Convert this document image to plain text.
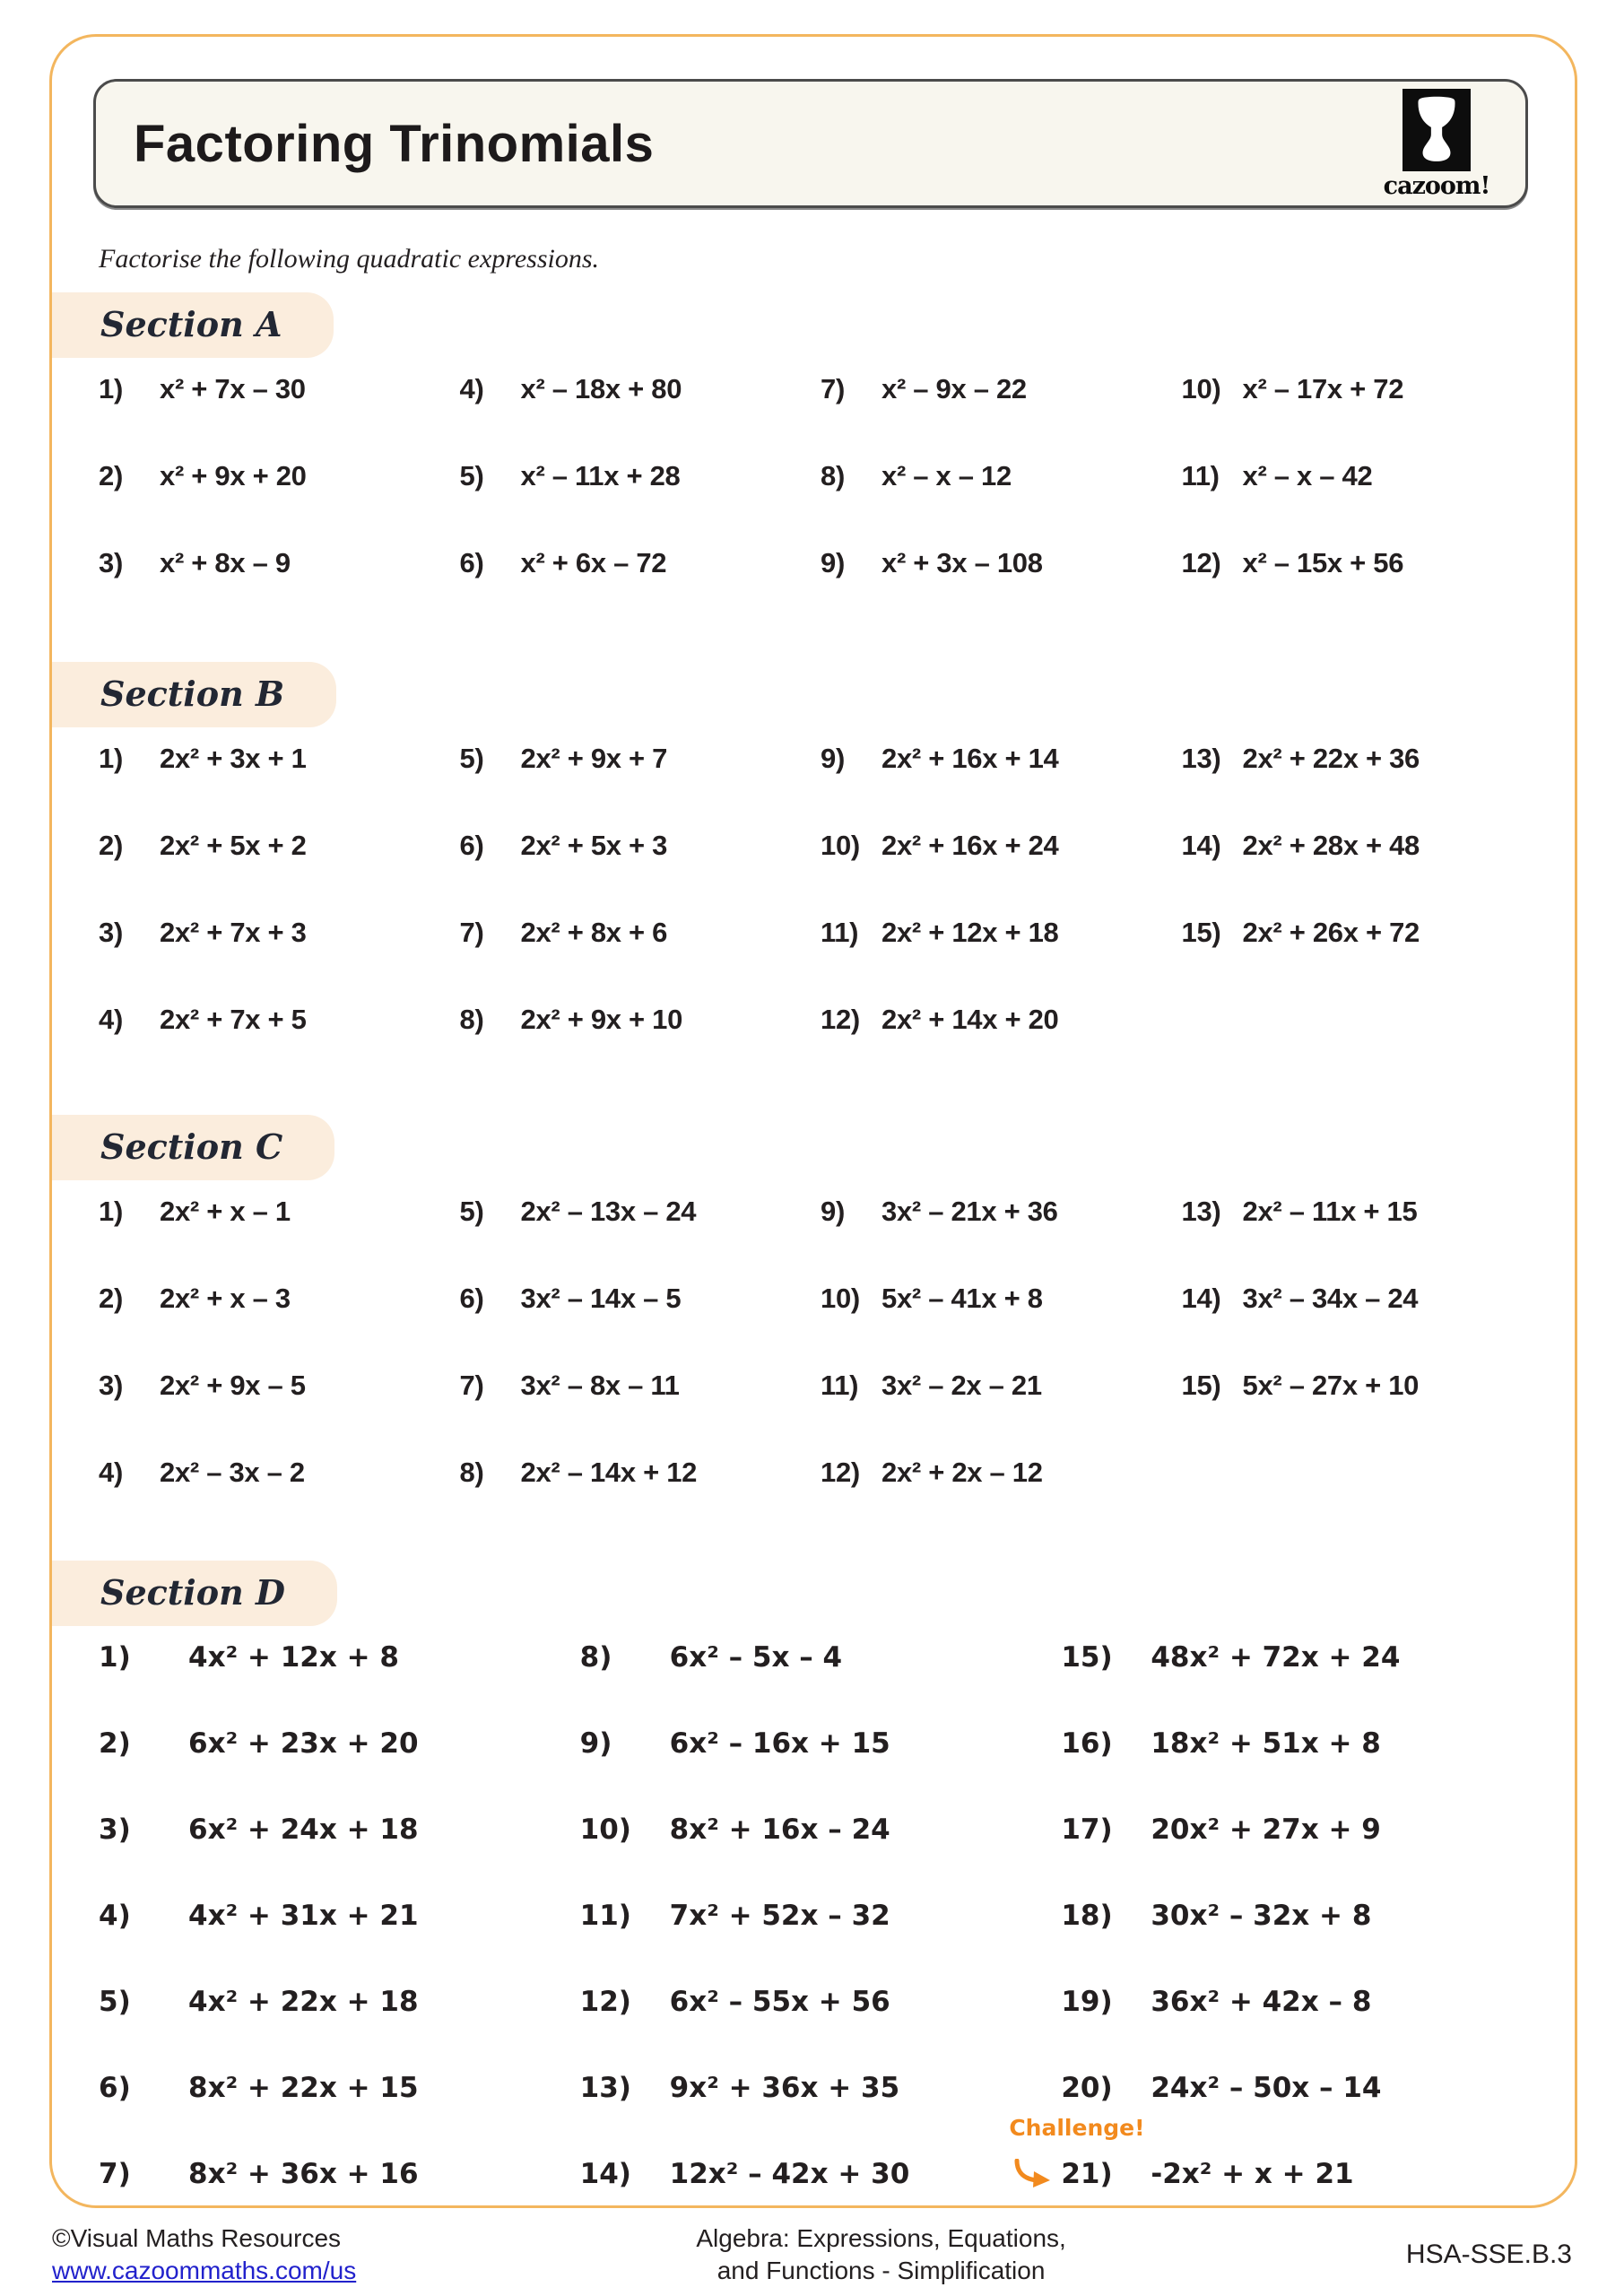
Factoring Trinomials
cazoom!
Factorise the following quadratic expressions.
Section A
1) x² + 7x – 30
2) x² + 9x + 20
3) x² + 8x – 9
4) x² – 18x + 80
5) x² – 11x + 28
6) x² + 6x – 72
7) x² – 9x – 22
8) x² – x – 12
9) x² + 3x – 108
10) x² – 17x + 72
11) x² – x – 42
12) x² – 15x + 56
Section B
1) 2x² + 3x + 1
2) 2x² + 5x + 2
3) 2x² + 7x + 3
4) 2x² + 7x + 5
5) 2x² + 9x + 7
6) 2x² + 5x + 3
7) 2x² + 8x + 6
8) 2x² + 9x + 10
9) 2x² + 16x + 14
10) 2x² + 16x + 24
11) 2x² + 12x + 18
12) 2x² + 14x + 20
13) 2x² + 22x + 36
14) 2x² + 28x + 48
15) 2x² + 26x + 72
Section C
1) 2x² + x – 1
2) 2x² + x – 3
3) 2x² + 9x – 5
4) 2x² – 3x – 2
5) 2x² – 13x – 24
6) 3x² – 14x – 5
7) 3x² – 8x – 11
8) 2x² – 14x + 12
9) 3x² – 21x + 36
10) 5x² – 41x + 8
11) 3x² – 2x – 21
12) 2x² + 2x – 12
13) 2x² – 11x + 15
14) 3x² – 34x – 24
15) 5x² – 27x + 10
Section D
1) 4x² + 12x + 8
2) 6x² + 23x + 20
3) 6x² + 24x + 18
4) 4x² + 31x + 21
5) 4x² + 22x + 18
6) 8x² + 22x + 15
7) 8x² + 36x + 16
8) 6x² – 5x – 4
9) 6x² – 16x + 15
10) 8x² + 16x – 24
11) 7x² + 52x – 32
12) 6x² – 55x + 56
13) 9x² + 36x + 35
14) 12x² – 42x + 30
15) 48x² + 72x + 24
16) 18x² + 51x + 8
17) 20x² + 27x + 9
18) 30x² – 32x + 8
19) 36x² + 42x – 8
20) 24x² – 50x – 14
Challenge!
21) -2x² + x + 21
©Visual Maths Resources
www.cazoommaths.com/us
Algebra: Expressions, Equations,
and Functions - Simplification
HSA-SSE.B.3
